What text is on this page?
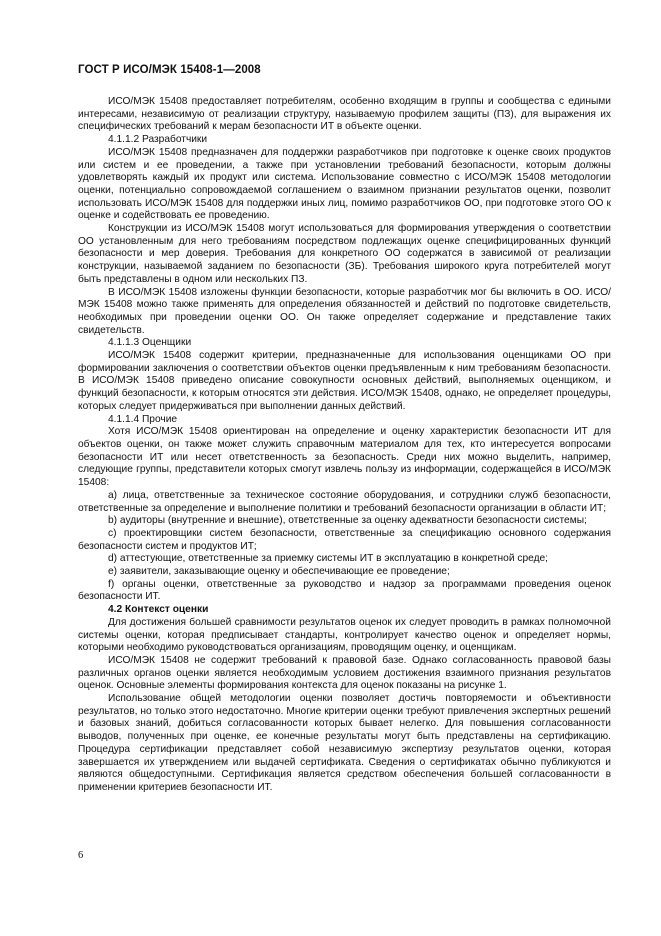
ГОСТ Р ИСО/МЭК 15408-1—2008

ИСО/МЭК 15408 предоставляет потребителям, особенно входящим в группы и сообщества с едиными интересами, независимую от реализации структуру, называемую профилем защиты (ПЗ), для выражения их специфических требований к мерам безопасности ИТ в объекте оценки.

4.1.1.2 Разработчики

ИСО/МЭК 15408 предназначен для поддержки разработчиков при подготовке к оценке своих продуктов или систем и ее проведении, а также при установлении требований безопасности, которым должны удовлетворять каждый их продукт или система. Использование совместно с ИСО/МЭК 15408 методологии оценки, потенциально сопровождаемой соглашением о взаимном признании результатов оценки, позволит использовать ИСО/МЭК 15408 для поддержки иных лиц, помимо разработчиков ОО, при подготовке этого ОО к оценке и содействовать ее проведению.

Конструкции из ИСО/МЭК 15408 могут использоваться для формирования утверждения о соответствии ОО установленным для него требованиям посредством подлежащих оценке специфицированных функций безопасности и мер доверия. Требования для конкретного ОО содержатся в зависимой от реализации конструкции, называемой заданием по безопасности (ЗБ). Требования широкого круга потребителей могут быть представлены в одном или нескольких ПЗ.

В ИСО/МЭК 15408 изложены функции безопасности, которые разработчик мог бы включить в ОО. ИСО/МЭК 15408 можно также применять для определения обязанностей и действий по подготовке свидетельств, необходимых при проведении оценки ОО. Он также определяет содержание и представление таких свидетельств.

4.1.1.3 Оценщики

ИСО/МЭК 15408 содержит критерии, предназначенные для использования оценщиками ОО при формировании заключения о соответствии объектов оценки предъявленным к ним требованиям безопасности. В ИСО/МЭК 15408 приведено описание совокупности основных действий, выполняемых оценщиком, и функций безопасности, к которым относятся эти действия. ИСО/МЭК 15408, однако, не определяет процедуры, которых следует придерживаться при выполнении данных действий.

4.1.1.4 Прочие

Хотя ИСО/МЭК 15408 ориентирован на определение и оценку характеристик безопасности ИТ для объектов оценки, он также может служить справочным материалом для тех, кто интересуется вопросами безопасности ИТ или несет ответственность за безопасность. Среди них можно выделить, например, следующие группы, представители которых смогут извлечь пользу из информации, содержащейся в ИСО/МЭК 15408:

a) лица, ответственные за техническое состояние оборудования, и сотрудники служб безопасности, ответственные за определение и выполнение политики и требований безопасности организации в области ИТ;

b) аудиторы (внутренние и внешние), ответственные за оценку адекватности безопасности системы;

c) проектировщики систем безопасности, ответственные за спецификацию основного содержания безопасности систем и продуктов ИТ;

d) аттестующие, ответственные за приемку системы ИТ в эксплуатацию в конкретной среде;

e) заявители, заказывающие оценку и обеспечивающие ее проведение;

f) органы оценки, ответственные за руководство и надзор за программами проведения оценок безопасности ИТ.

4.2 Контекст оценки

Для достижения большей сравнимости результатов оценок их следует проводить в рамках полномочной системы оценки, которая предписывает стандарты, контролирует качество оценок и определяет нормы, которыми необходимо руководствоваться организациям, проводящим оценку, и оценщикам.

ИСО/МЭК 15408 не содержит требований к правовой базе. Однако согласованность правовой базы различных органов оценки является необходимым условием достижения взаимного признания результатов оценок. Основные элементы формирования контекста для оценок показаны на рисунке 1.

Использование общей методологии оценки позволяет достичь повторяемости и объективности результатов, но только этого недостаточно. Многие критерии оценки требуют привлечения экспертных решений и базовых знаний, добиться согласованности которых бывает нелегко. Для повышения согласованности выводов, полученных при оценке, ее конечные результаты могут быть представлены на сертификацию. Процедура сертификации представляет собой независимую экспертизу результатов оценки, которая завершается их утверждением или выдачей сертификата. Сведения о сертификатах обычно публикуются и являются общедоступными. Сертификация является средством обеспечения большей согласованности в применении критериев безопасности ИТ.

6
